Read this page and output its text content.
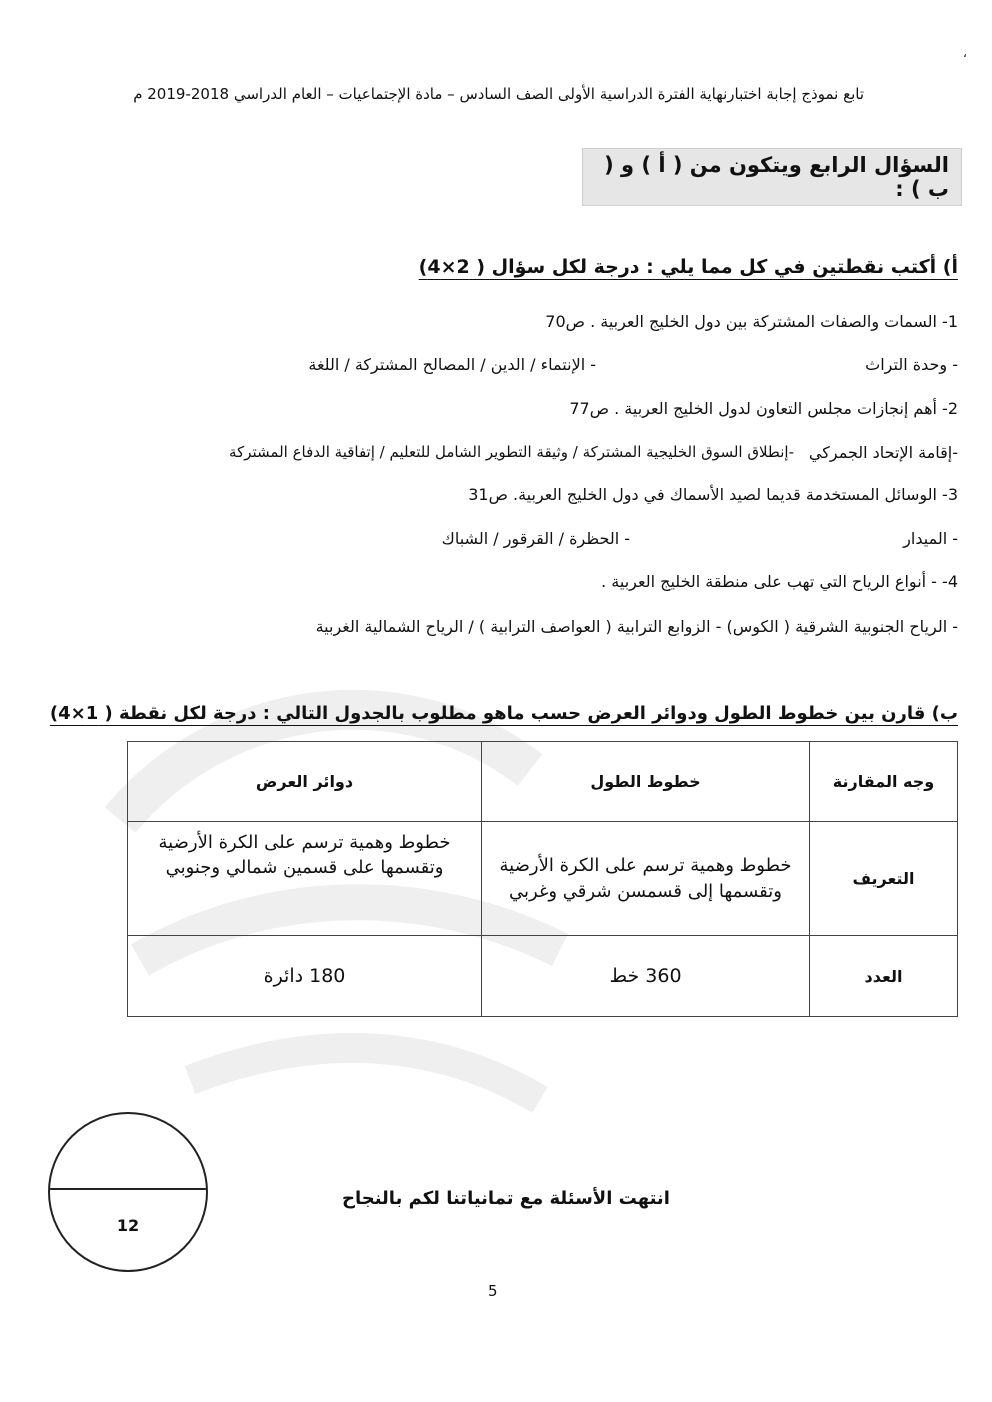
،
تابع نموذج إجابة اختبارنهاية الفترة الدراسية الأولى الصف السادس – مادة الإجتماعيات – العام الدراسي 2018-2019 م
السؤال الرابع ويتكون من ( أ ) و ( ب ) :
أ) أكتب نقطتين في كل مما يلي : درجة لكل سؤال ( 2×4)
1- السمات والصفات المشتركة بين دول الخليج العربية . ص70
- وحدة التراث
- الإنتماء / الدين / المصالح المشتركة / اللغة
2- أهم إنجازات مجلس التعاون لدول الخليج العربية . ص77
-إقامة الإتحاد الجمركي
-إنطلاق السوق الخليجية المشتركة / وثيقة التطوير الشامل للتعليم / إتفاقية الدفاع المشتركة
3- الوسائل المستخدمة قديما لصيد الأسماك في دول الخليج العربية. ص31
- الميدار
- الحظرة / القرقور / الشباك
4- - أنواع الرياح التي تهب على منطقة الخليج العربية .
- الرياح الجنوبية الشرقية ( الكوس) - الزوابع الترابية ( العواصف الترابية ) / الرياح الشمالية الغربية
ب) قارن بين خطوط الطول ودوائر العرض حسب ماهو مطلوب بالجدول التالي : درجة لكل نقطة ( 1×4)
وجه المقارنة	خطوط الطول	دوائر العرض
التعريف	خطوط وهمية ترسم على الكرة الأرضية وتقسمها إلى قسمسن شرقي وغربي	خطوط وهمية ترسم على الكرة الأرضية وتقسمها على قسمين شمالي وجنوبي
العدد	360 خط	180 دائرة
12
انتهت الأسئلة مع تمانياتنا لكم بالنجاح
5
